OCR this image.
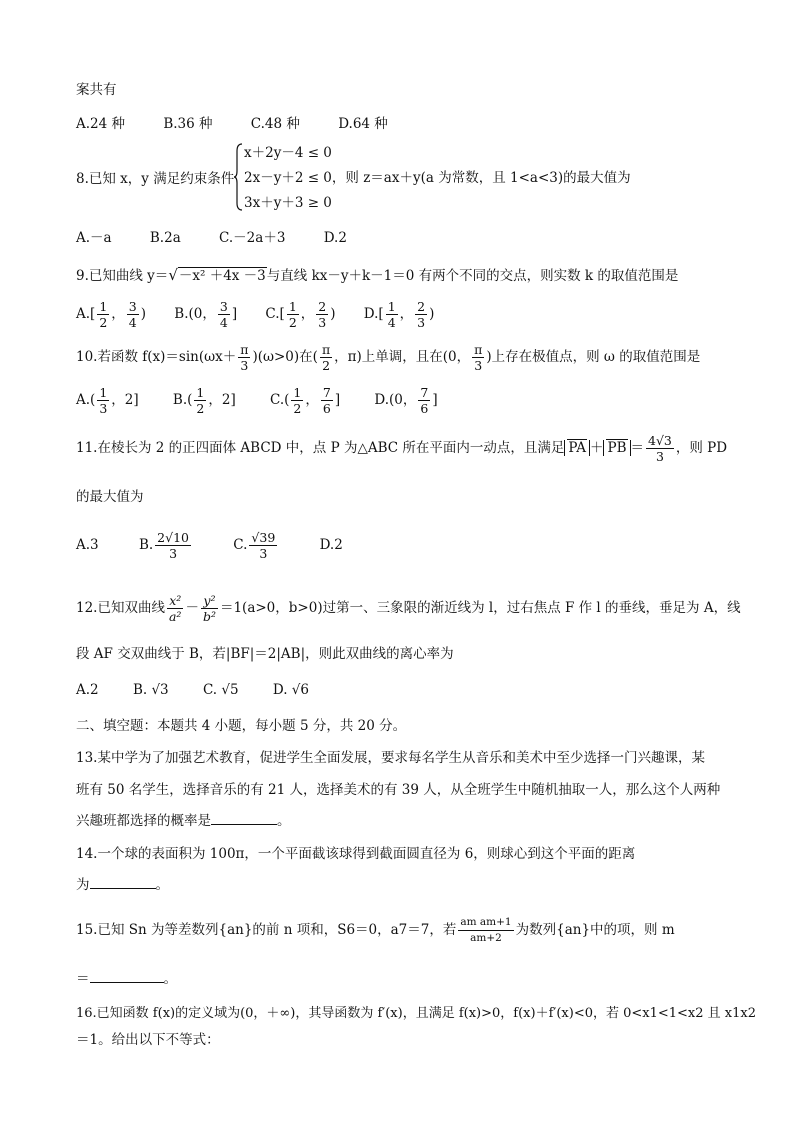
案共有
A.24 种	B.36 种	C.48 种	D.64 种
8.已知 x，y 满足约束条件
x＋2y－4 ≤ 0
2x－y＋2 ≤ 0，则 z＝ax＋y(a 为常数，且 1<a<3)的最大值为
3x＋y＋3 ≥ 0
A.－a	B.2a	C.－2a＋3	D.2
9.已知曲线 y＝√－x² ＋4x －3与直线 kx－y＋k－1＝0 有两个不同的交点，则实数 k 的取值范围是
$A.[ \frac{1}{2}$ ， $\frac{3}{4}$ ) B.(0， $\frac{3}{4}$ ] $C.[ \frac{1}{2}$ ， $\frac{2}{3}$ ) $D.[ \frac{1}{4}$ ， $\frac{2}{3}$ )
10.若函数 $f(x)=\sin(\omega x+ \frac{\pi}{3} )(\omega>0)$在( $\frac{\pi}{2}$ ，π)上单调，且在(0， $\frac{\pi}{3}$ )上存在极值点，则 ω 的取值范围是
$A.( \frac{1}{3}$ ，2]	$B.( \frac{1}{2}$ ，2]	$C.( \frac{1}{2}$ ， $\frac{7}{6}$ ]	D.(0， $\frac{7}{6}$ ]
11.在棱长为 2 的正四面体 ABCD 中，点 P 为△ABC 所在平面内一动点，且满足 PA ＋ PB ＝ $\frac{4√3}{3}$ ，则 PD
的最大值为
A.3	B. $\frac{2√10}{3}$	C. $\frac{√39}{3}$	D.2
12.已知双曲线 $\frac{\text{x²}}{\text{a²}} - \frac{\text{y²}}{\text{b²}} =1(a>0$，b>0)过第一、三象限的渐近线为 l，过右焦点 F 作 l 的垂线，垂足为 A，线
段 AF 交双曲线于 B，若|BF|＝2|AB|，则此双曲线的离心率为
A.2	B. √3	C. √5	D. √6
二、填空题：本题共 4 小题，每小题 5 分，共 20 分。
13.某中学为了加强艺术教育，促进学生全面发展，要求每名学生从音乐和美术中至少选择一门兴趣课，某
班有 50 名学生，选择音乐的有 21 人，选择美术的有 39 人，从全班学生中随机抽取一人，那么这个人两种
兴趣班都选择的概率是	。
14.一个球的表面积为 100π，一个平面截该球得到截面圆直径为 6，则球心到这个平面的距离
为	。
15.已知 Sn 为等差数列{an}的前 n 项和，S6＝0，a7＝7，若 $\frac{\text{am am+1}}{am+2}$ 为数列{an}中的项，则 m
＝	。
16.已知函数 f(x)的定义域为(0，＋∞)，其导函数为 f′(x)，且满足 f(x)>0，f(x)＋f′(x)<0，若 0<x1<1<x2 且 x1x2
＝1。给出以下不等式：
